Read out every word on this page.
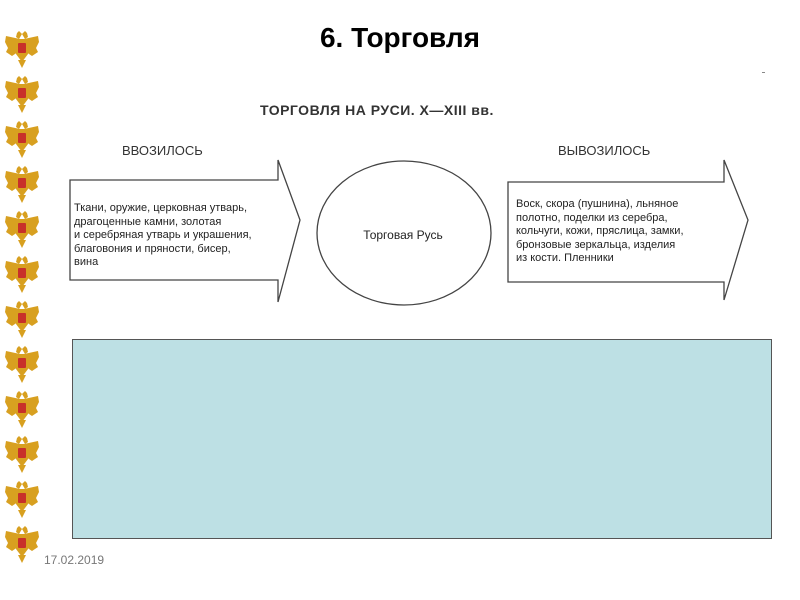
6. Торговля
ТОРГОВЛЯ НА РУСИ. X—XIII вв.
ВВОЗИЛОСЬ	ВЫВОЗИЛОСЬ
Ткани, оружие, церковная утварь,
драгоценные камни, золотая
и серебряная утварь и украшения,
благовония и пряности, бисер,
вина
Торговая Русь
Воск, скора (пушнина), льняное
полотно, поделки из серебра,
кольчуги, кожи, пряслица, замки,
бронзовые зеркальца, изделия
из кости. Пленники
17.02.2019
